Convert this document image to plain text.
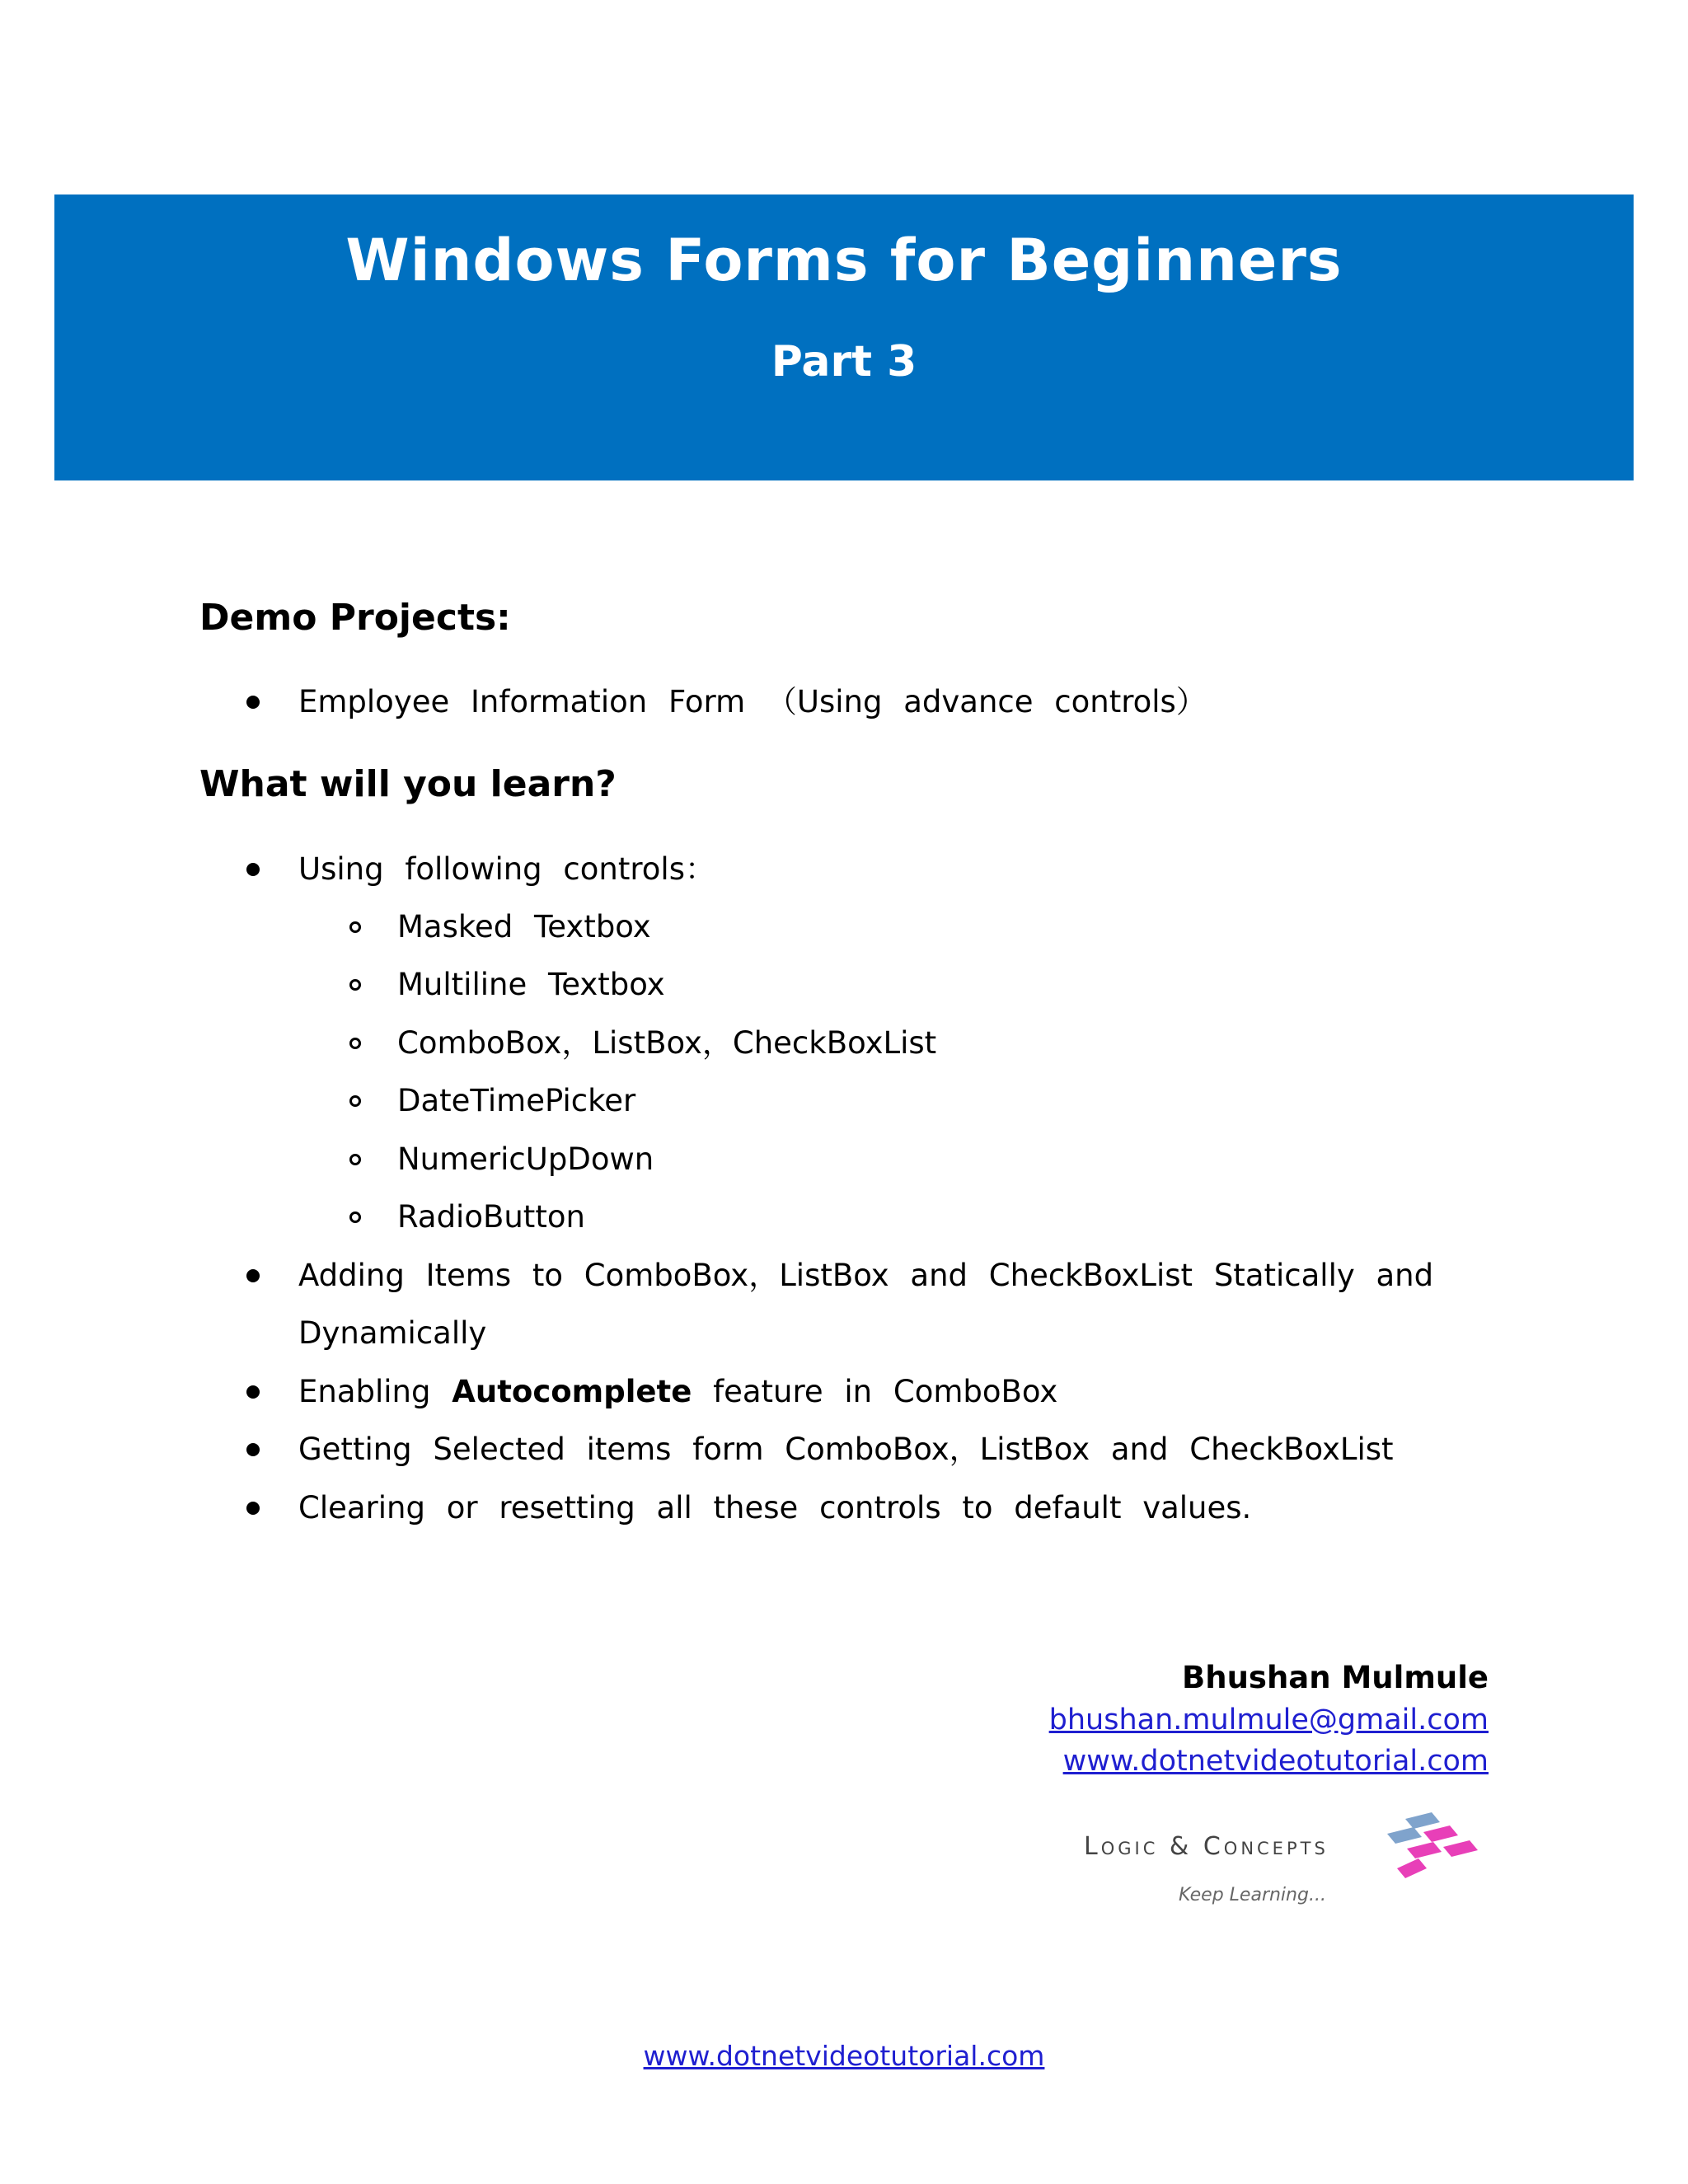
Windows Forms for Beginners
Part 3
Demo Projects:
Employee Information Form （Using advance controls）
What will you learn?
Using following controls：
Masked Textbox
Multiline Textbox
ComboBox，ListBox，CheckBoxList
DateTimePicker
NumericUpDown
RadioButton
Adding Items to ComboBox，ListBox and CheckBoxList Statically and
Dynamically
Enabling Autocomplete feature in ComboBox
Getting Selected items form ComboBox，ListBox and CheckBoxList
Clearing or resetting all these controls to default values.
Bhushan Mulmule
bhushan.mulmule@gmail.com
www.dotnetvideotutorial.com
Logic & Concepts
Keep Learning...
www.dotnetvideotutorial.com
